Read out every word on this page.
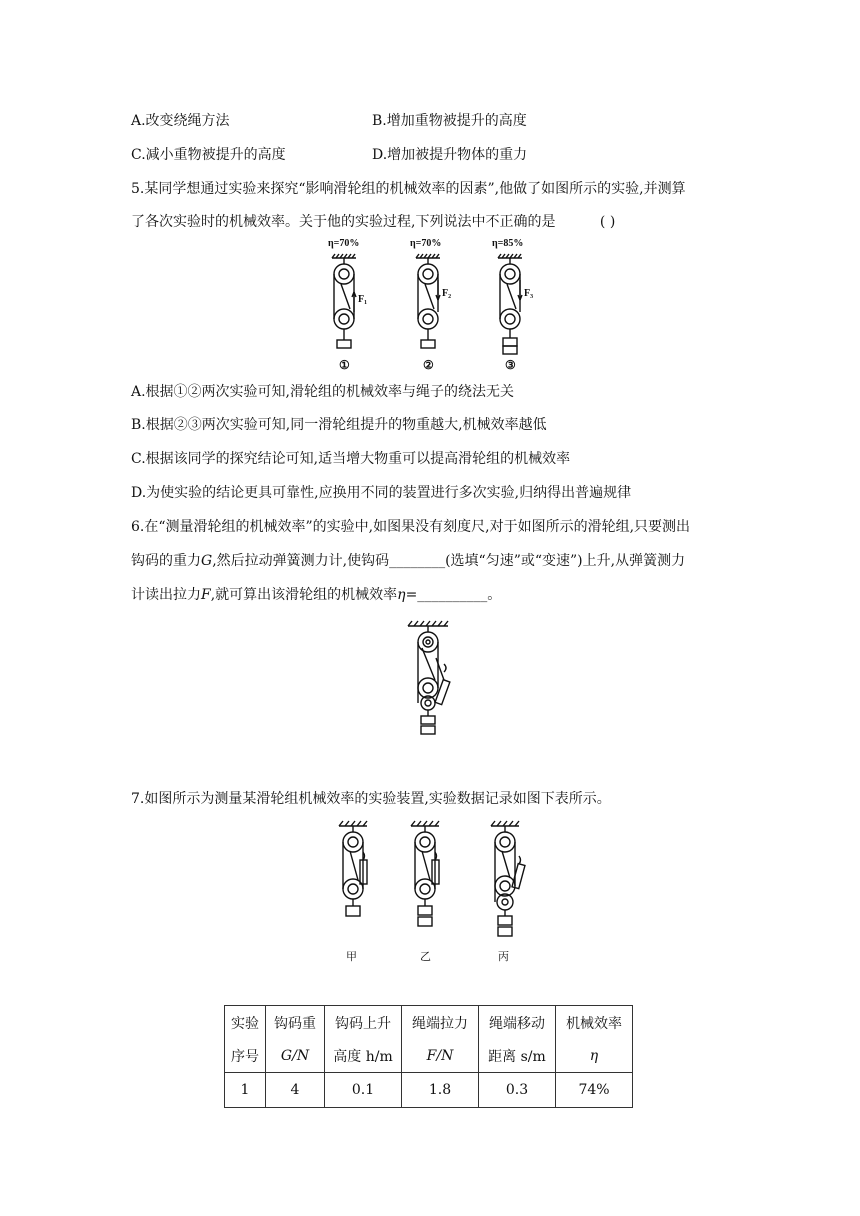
A.改变绕绳方法	B.增加重物被提升的高度
C.减小重物被提升的高度	D.增加被提升物体的重力
5.某同学想通过实验来探究“影响滑轮组的机械效率的因素”,他做了如图所示的实验,并测算
了各次实验时的机械效率。关于他的实验过程,下列说法中不正确的是	( )
η=70%	η=70%	η=85%
F₁
F₂	F₃
①	②	③
A.根据①②两次实验可知,滑轮组的机械效率与绳子的绕法无关
B.根据②③两次实验可知,同一滑轮组提升的物重越大,机械效率越低
C.根据该同学的探究结论可知,适当增大物重可以提高滑轮组的机械效率
D.为使实验的结论更具可靠性,应换用不同的装置进行多次实验,归纳得出普遍规律
6.在“测量滑轮组的机械效率”的实验中,如图果没有刻度尺,对于如图所示的滑轮组,只要测出
钩码的重力G,然后拉动弹簧测力计,使钩码________(选填“匀速”或“变速”)上升,从弹簧测力
计读出拉力F,就可算出该滑轮组的机械效率η=__________。
7.如图所示为测量某滑轮组机械效率的实验装置,实验数据记录如图下表所示。
甲	乙	丙
实验	钩码重	钩码上升	绳端拉力	绳端移动	机械效率
序号	G/N	高度 h/m	F/N	距离 s/m	η
1	4	0.1	1.8	0.3	74%
